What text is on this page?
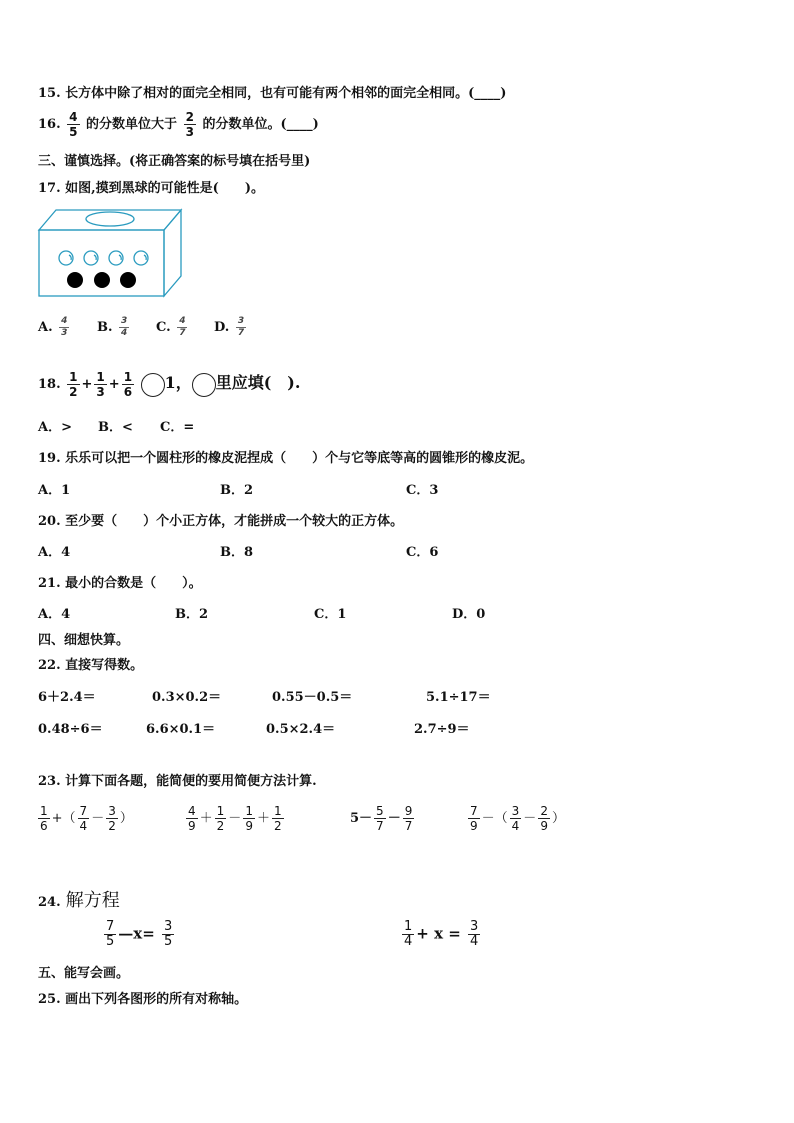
15. 长方体中除了相对的面完全相同，也有可能有两个相邻的面完全相同。(____)
16. $\frac{4}{5}$ 的分数单位大于 $\frac{2}{3}$ 的分数单位。(____)
三、谨慎选择。(将正确答案的标号填在括号里)
17. 如图,摸到黑球的可能性是(　　)。
A. $\frac{4}{3} B$. $\frac{3}{4} C$. $\frac{4}{7} D$. $\frac{3}{7}$
18. $\frac{1}{2} + \frac{1}{3} + \frac{1}{6} 1$， 里应填(　).
A．> B．< C．=
19. 乐乐可以把一个圆柱形的橡皮泥捏成（　　）个与它等底等高的圆锥形的橡皮泥。
A．1	B．2	C．3
20. 至少要（　　）个小正方体，才能拼成一个较大的正方体。
A．4	B．8	C．6
21. 最小的合数是（　　）。
A．4	B．2	C．1	D．0
四、细想快算。
22. 直接写得数。
6＋2.4＝	0.3×0.2＝	0.55－0.5＝	5.1÷17＝
0.48÷6＝	6.6×0.1＝	0.5×2.4＝	2.7÷9＝
23. 计算下面各题，能简便的要用简便方法计算.
$\frac{1}{6}$ +（ $\frac{7}{4} - \frac{3}{2}$ ）	$\frac{4}{9} + \frac{1}{2} - \frac{1}{9} + \frac{1}{2}$	$5- \frac{5}{7} - \frac{9}{7}$	$\frac{7}{9}$ －（ $\frac{3}{4} - \frac{2}{9}$ ）
24. 解方程
$\frac{7}{5}$ —x= $\frac{3}{5}$	$\frac{1}{4} + x = \frac{3}{4}$
五、能写会画。
25. 画出下列各图形的所有对称轴。
